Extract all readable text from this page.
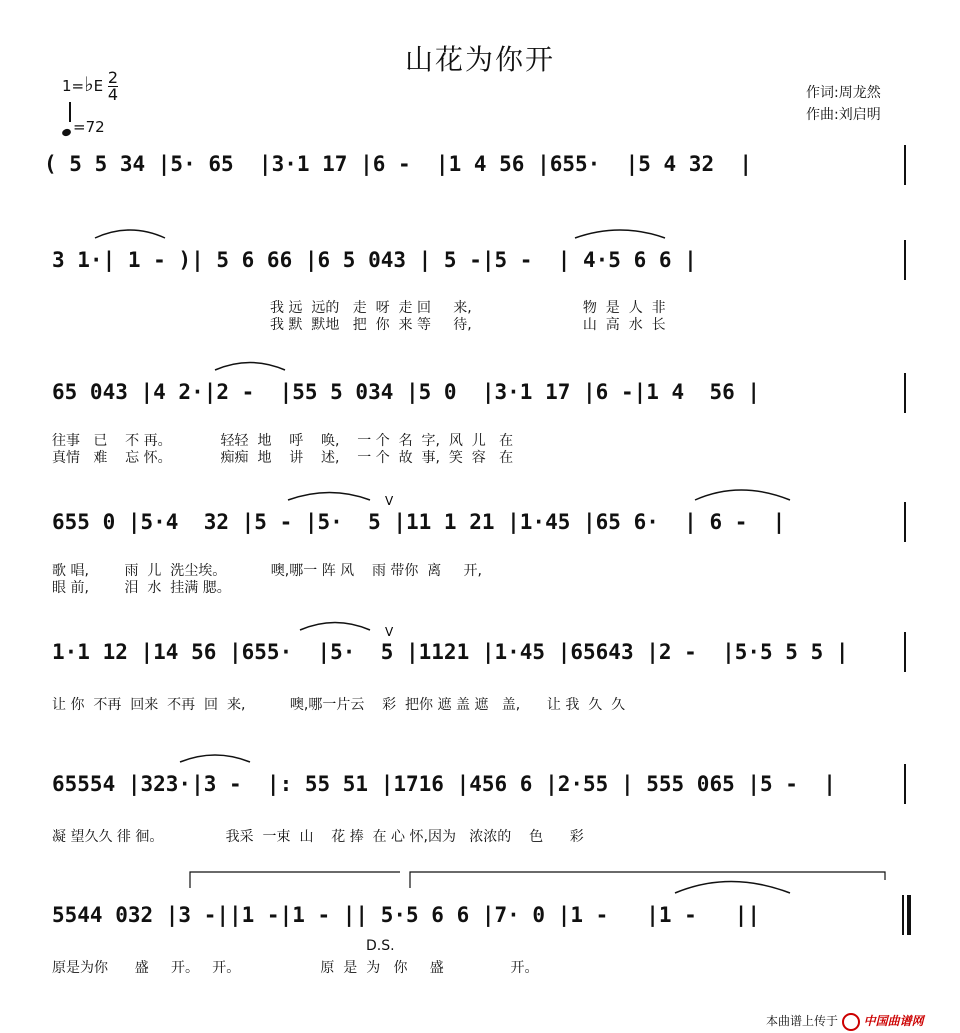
山花为你开
1=♭E $\frac{2}{4}$
=72
作词:周龙然
作曲:刘启明
( 5 5 34 |5· 65  |3·1 17 |6 -  |1 4 56 |655·  |5 4 32  |
3 1·| 1 - )| 5 6 66 |6 5 043 | 5 -|5 -  | 4·5 6 6 |
我 远  远的   走  呀  走 回     来,                         物  是  人  非
我 默  默地   把  你  来 等     待,                         山  高  水  长
65 043 |4 2·|2 -  |55 5 034 |5 0  |3·1 17 |6 -|1 4  56 |
往事   已    不 再。           轻轻  地    呼    唤,    一 个  名  字,  风  儿   在
真情   难    忘 怀。           痴痴  地    讲    述,    一 个  故  事,  笑  容   在
655 0 |5·4  32 |5 - |5·  5 |11 1 21 |1·45 |65 6·  | 6 -  |
歌 唱,        雨  儿  洗尘埃。          噢,哪一 阵 风    雨 带你  离     开,
眼 前,        泪  水  挂满 腮。
1·1 12 |14 56 |655·  |5·  5 |1121 |1·45 |65643 |2 -  |5·5 5 5 |
让 你  不再  回来  不再  回  来,          噢,哪一片云    彩  把你 遮 盖 遮   盖,      让 我  久  久
65554 |323·|3 -  |: 55 51 |1716 |456 6 |2·55 | 555 065 |5 -  |
凝 望久久 徘 徊。              我采  一束  山    花 捧  在 心 怀,因为   浓浓的    色      彩
5544 032 |3 -||1 -|1 - || 5·5 6 6 |7· 0 |1 -   |1 -   ||
原是为你      盛     开。   开。                  原  是  为   你     盛               开。
D.S.
V
V
本曲谱上传于 中国曲谱网
